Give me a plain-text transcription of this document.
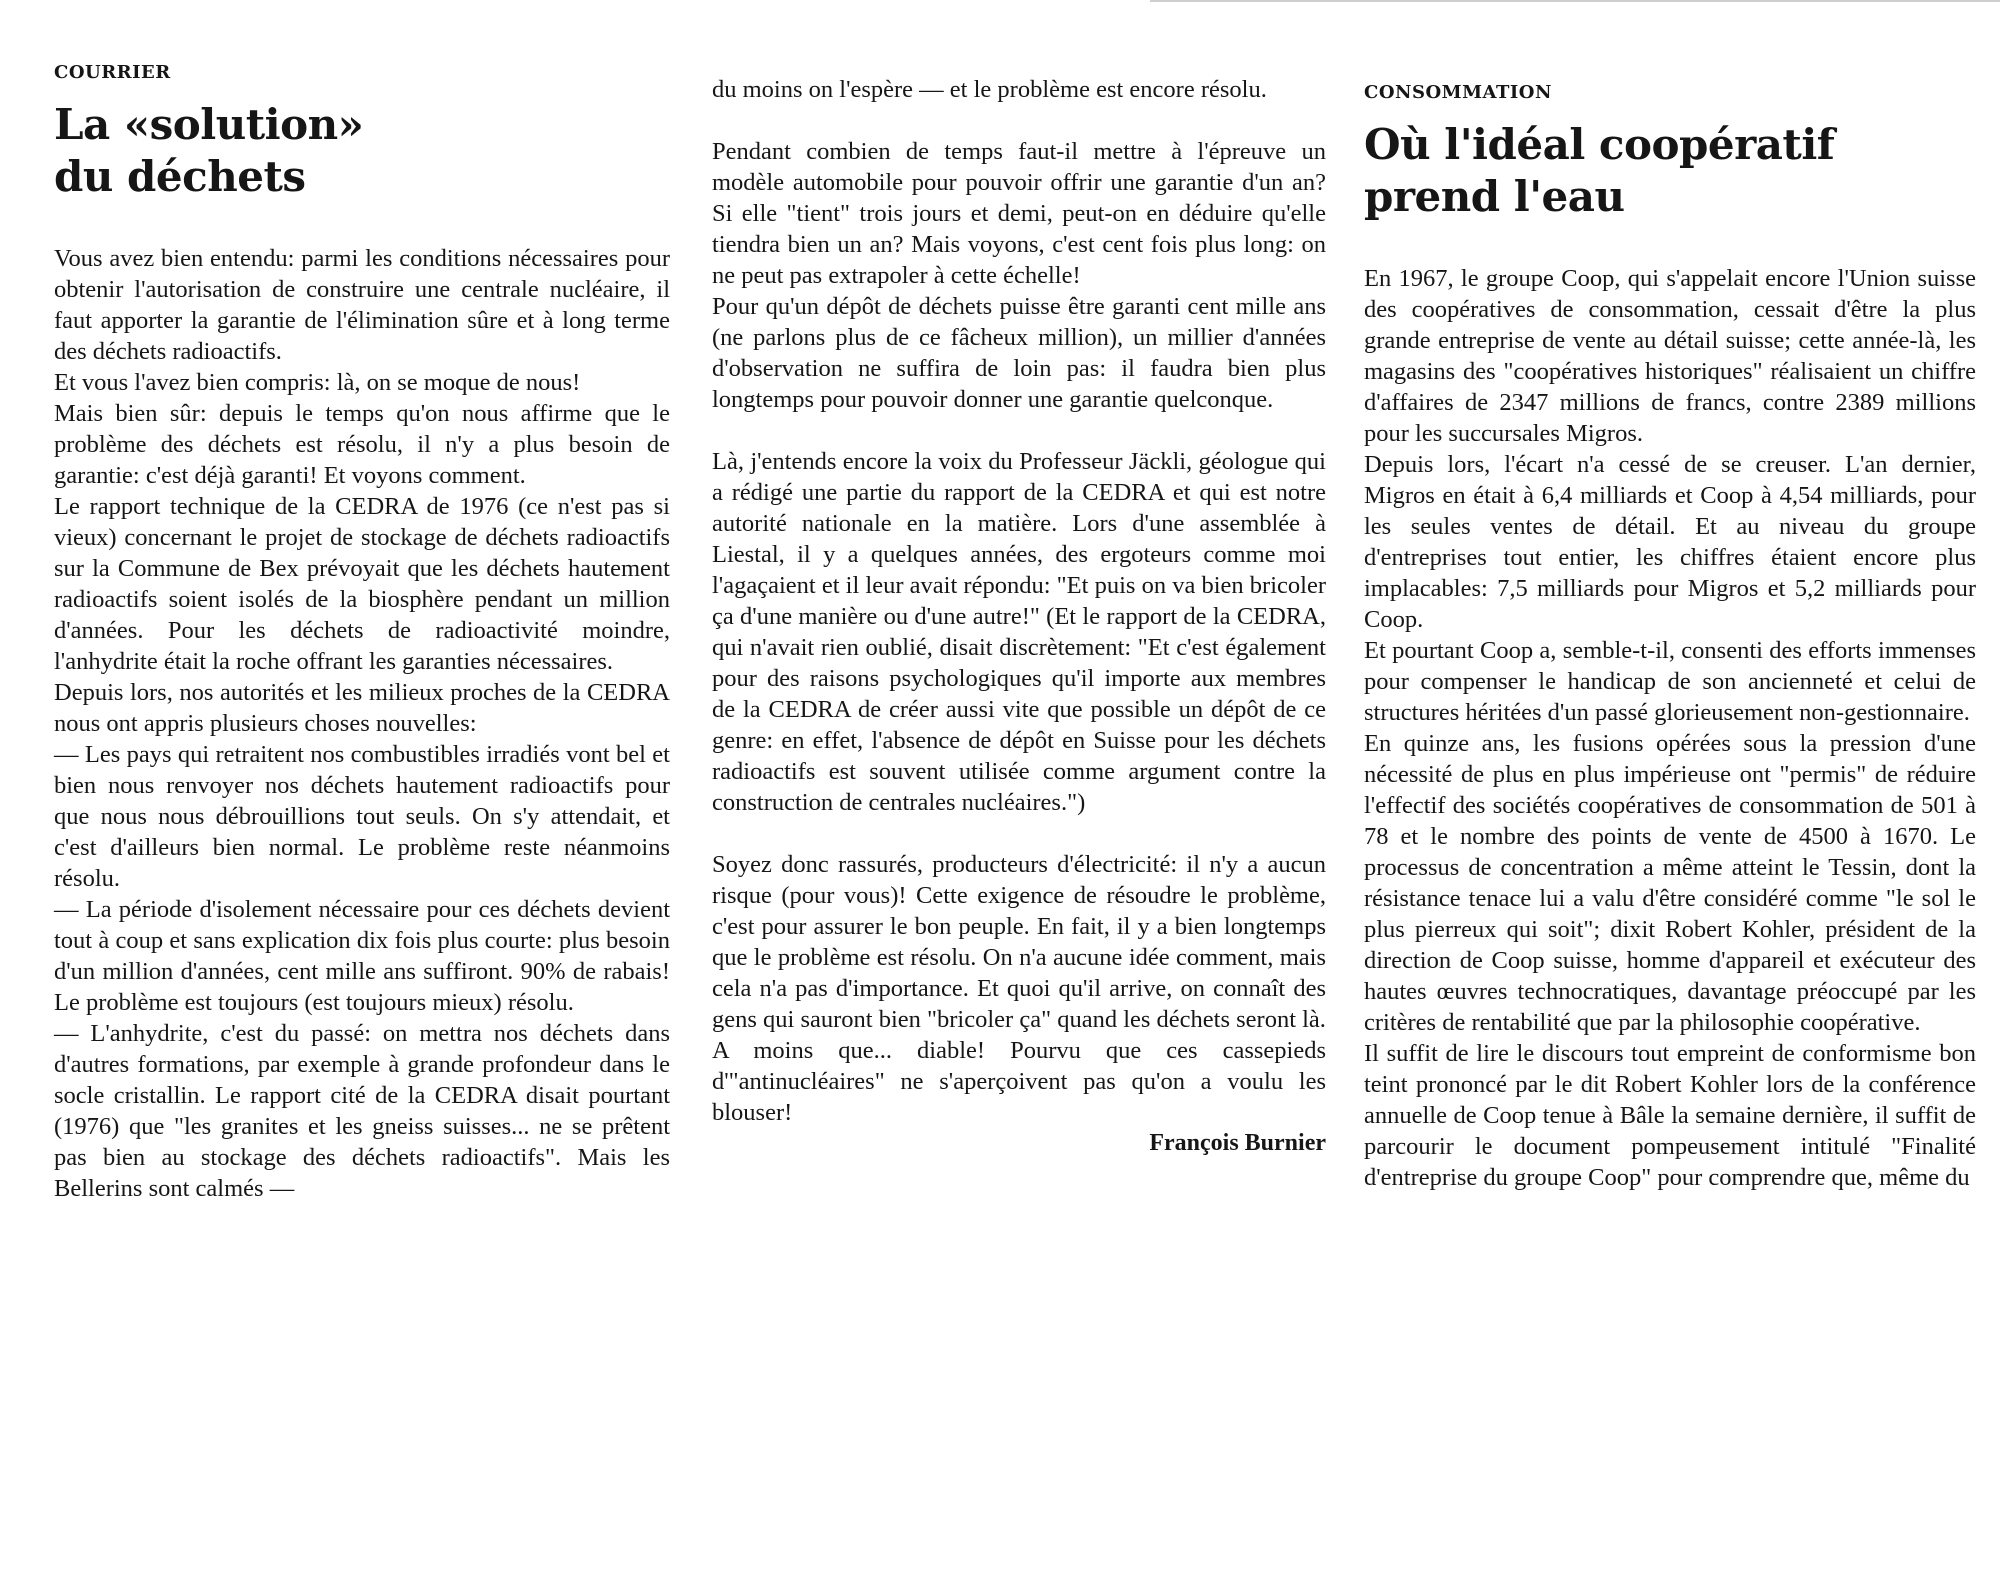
COURRIER
La «solution»
du déchets

Vous avez bien entendu: parmi les conditions nécessaires pour obtenir l'autorisation de construire une centrale nucléaire, il faut apporter la garantie de l'élimination sûre et à long terme des déchets radioactifs.

Et vous l'avez bien compris: là, on se moque de nous!

Mais bien sûr: depuis le temps qu'on nous affirme que le problème des déchets est résolu, il n'y a plus besoin de garantie: c'est déjà garanti! Et voyons comment.

Le rapport technique de la CEDRA de 1976 (ce n'est pas si vieux) concernant le projet de stockage de déchets radioactifs sur la Commune de Bex prévoyait que les déchets hautement radioactifs soient isolés de la biosphère pendant un million d'années. Pour les déchets de radioactivité moindre, l'anhydrite était la roche offrant les garanties nécessaires.

Depuis lors, nos autorités et les milieux proches de la CEDRA nous ont appris plusieurs choses nouvelles:

— Les pays qui retraitent nos combustibles irradiés vont bel et bien nous renvoyer nos déchets hautement radioactifs pour que nous nous débrouillions tout seuls. On s'y attendait, et c'est d'ailleurs bien normal. Le problème reste néanmoins résolu.

— La période d'isolement nécessaire pour ces déchets devient tout à coup et sans explication dix fois plus courte: plus besoin d'un million d'années, cent mille ans suffiront. 90% de rabais! Le problème est toujours (est toujours mieux) résolu.

— L'anhydrite, c'est du passé: on mettra nos déchets dans d'autres formations, par exemple à grande profondeur dans le socle cristallin. Le rapport cité de la CEDRA disait pourtant (1976) que "les granites et les gneiss suisses... ne se prêtent pas bien au stockage des déchets radioactifs". Mais les Bellerins sont calmés —

du moins on l'espère — et le problème est encore résolu.

Pendant combien de temps faut-il mettre à l'épreuve un modèle automobile pour pouvoir offrir une garantie d'un an? Si elle "tient" trois jours et demi, peut-on en déduire qu'elle tiendra bien un an? Mais voyons, c'est cent fois plus long: on ne peut pas extrapoler à cette échelle!

Pour qu'un dépôt de déchets puisse être garanti cent mille ans (ne parlons plus de ce fâcheux million), un millier d'années d'observation ne suffira de loin pas: il faudra bien plus longtemps pour pouvoir donner une garantie quelconque.

Là, j'entends encore la voix du Professeur Jäckli, géologue qui a rédigé une partie du rapport de la CEDRA et qui est notre autorité nationale en la matière. Lors d'une assemblée à Liestal, il y a quelques années, des ergoteurs comme moi l'agaçaient et il leur avait répondu: "Et puis on va bien bricoler ça d'une manière ou d'une autre!" (Et le rapport de la CEDRA, qui n'avait rien oublié, disait discrètement: "Et c'est également pour des raisons psychologiques qu'il importe aux membres de la CEDRA de créer aussi vite que possible un dépôt de ce genre: en effet, l'absence de dépôt en Suisse pour les déchets radioactifs est souvent utilisée comme argument contre la construction de centrales nucléaires.")

Soyez donc rassurés, producteurs d'électricité: il n'y a aucun risque (pour vous)! Cette exigence de résoudre le problème, c'est pour assurer le bon peuple. En fait, il y a bien longtemps que le problème est résolu. On n'a aucune idée comment, mais cela n'a pas d'importance. Et quoi qu'il arrive, on connaît des gens qui sauront bien "bricoler ça" quand les déchets seront là.

A moins que... diable! Pourvu que ces cassepieds d'"antinucléaires" ne s'aperçoivent pas qu'on a voulu les blouser!

François Burnier
CONSOMMATION
Où l'idéal coopératif
prend l'eau

En 1967, le groupe Coop, qui s'appelait encore l'Union suisse des coopératives de consommation, cessait d'être la plus grande entreprise de vente au détail suisse; cette année-là, les magasins des "coopératives historiques" réalisaient un chiffre d'affaires de 2347 millions de francs, contre 2389 millions pour les succursales Migros.

Depuis lors, l'écart n'a cessé de se creuser. L'an dernier, Migros en était à 6,4 milliards et Coop à 4,54 milliards, pour les seules ventes de détail. Et au niveau du groupe d'entreprises tout entier, les chiffres étaient encore plus implacables: 7,5 milliards pour Migros et 5,2 milliards pour Coop.

Et pourtant Coop a, semble-t-il, consenti des efforts immenses pour compenser le handicap de son ancienneté et celui de structures héritées d'un passé glorieusement non-gestionnaire.

En quinze ans, les fusions opérées sous la pression d'une nécessité de plus en plus impérieuse ont "permis" de réduire l'effectif des sociétés coopératives de consommation de 501 à 78 et le nombre des points de vente de 4500 à 1670. Le processus de concentration a même atteint le Tessin, dont la résistance tenace lui a valu d'être considéré comme "le sol le plus pierreux qui soit"; dixit Robert Kohler, président de la direction de Coop suisse, homme d'appareil et exécuteur des hautes œuvres technocratiques, davantage préoccupé par les critères de rentabilité que par la philosophie coopérative.

Il suffit de lire le discours tout empreint de conformisme bon teint prononcé par le dit Robert Kohler lors de la conférence annuelle de Coop tenue à Bâle la semaine dernière, il suffit de parcourir le document pompeusement intitulé "Finalité d'entreprise du groupe Coop" pour comprendre que, même du
